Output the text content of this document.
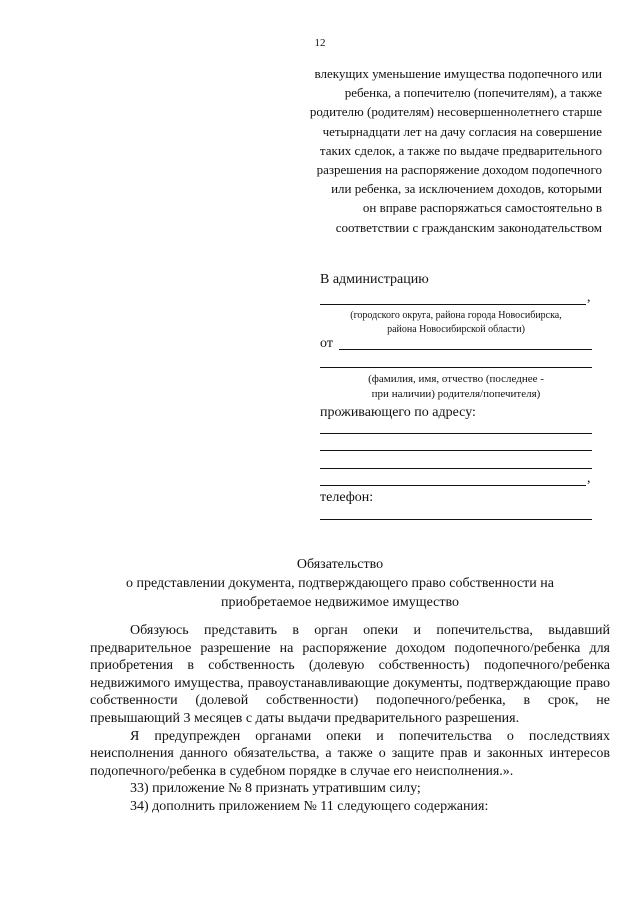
12
влекущих уменьшение имущества подопечного или
ребенка, а попечителю (попечителям), а также
родителю (родителям) несовершеннолетнего старше
четырнадцати лет на дачу согласия на совершение
таких сделок, а также по выдаче предварительного
разрешения на распоряжение доходом подопечного
или ребенка, за исключением доходов, которыми
он вправе распоряжаться самостоятельно в
соответствии с гражданским законодательством
В администрацию
,
(городского округа, района города Новосибирска,
района Новосибирской области)
от
(фамилия, имя, отчество (последнее -
при наличии) родителя/попечителя)
проживающего по адресу:
,
телефон:
Обязательство
о представлении документа, подтверждающего право собственности на
приобретаемое недвижимое имущество

Обязуюсь представить в орган опеки и попечительства, выдавший предварительное разрешение на распоряжение доходом подопечного/ребенка для приобретения в собственность (долевую собственность) подопечного/ребенка недвижимого имущества, правоустанавливающие документы, подтверждающие право собственности (долевой собственности) подопечного/ребенка, в срок, не превышающий 3 месяцев с даты выдачи предварительного разрешения.

Я предупрежден органами опеки и попечительства о последствиях неисполнения данного обязательства, а также о защите прав и законных интересов подопечного/ребенка в судебном порядке в случае его неисполнения.».

33) приложение № 8 признать утратившим силу;

34) дополнить приложением № 11 следующего содержания:
